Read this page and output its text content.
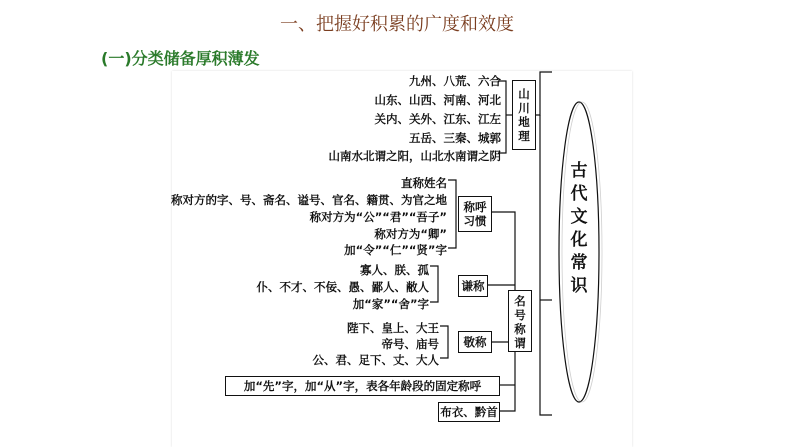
一、把握好积累的广度和效度
(一)分类储备厚积薄发
九州、八荒、六合
山东、山西、河南、河北
关内、关外、江东、江左
五岳、三秦、城郭
山南水北谓之阳，山北水南谓之阴
山川地理
直称姓名
称对方的字、号、斋名、谥号、官名、籍贯、为官之地
称对方为“公”“君”“吾子”
称对方为“卿”
加“令”“仁”“贤”字
称呼习惯
寡人、朕、孤
仆、不才、不佞、愚、鄙人、敝人
加“家”“舍”字
谦称
陛下、皇上、大王
帝号、庙号
公、君、足下、丈、大人
敬称
加“先”字，加“从”字，表各年龄段的固定称呼
布衣、黔首
名号称谓
古代文化常识
